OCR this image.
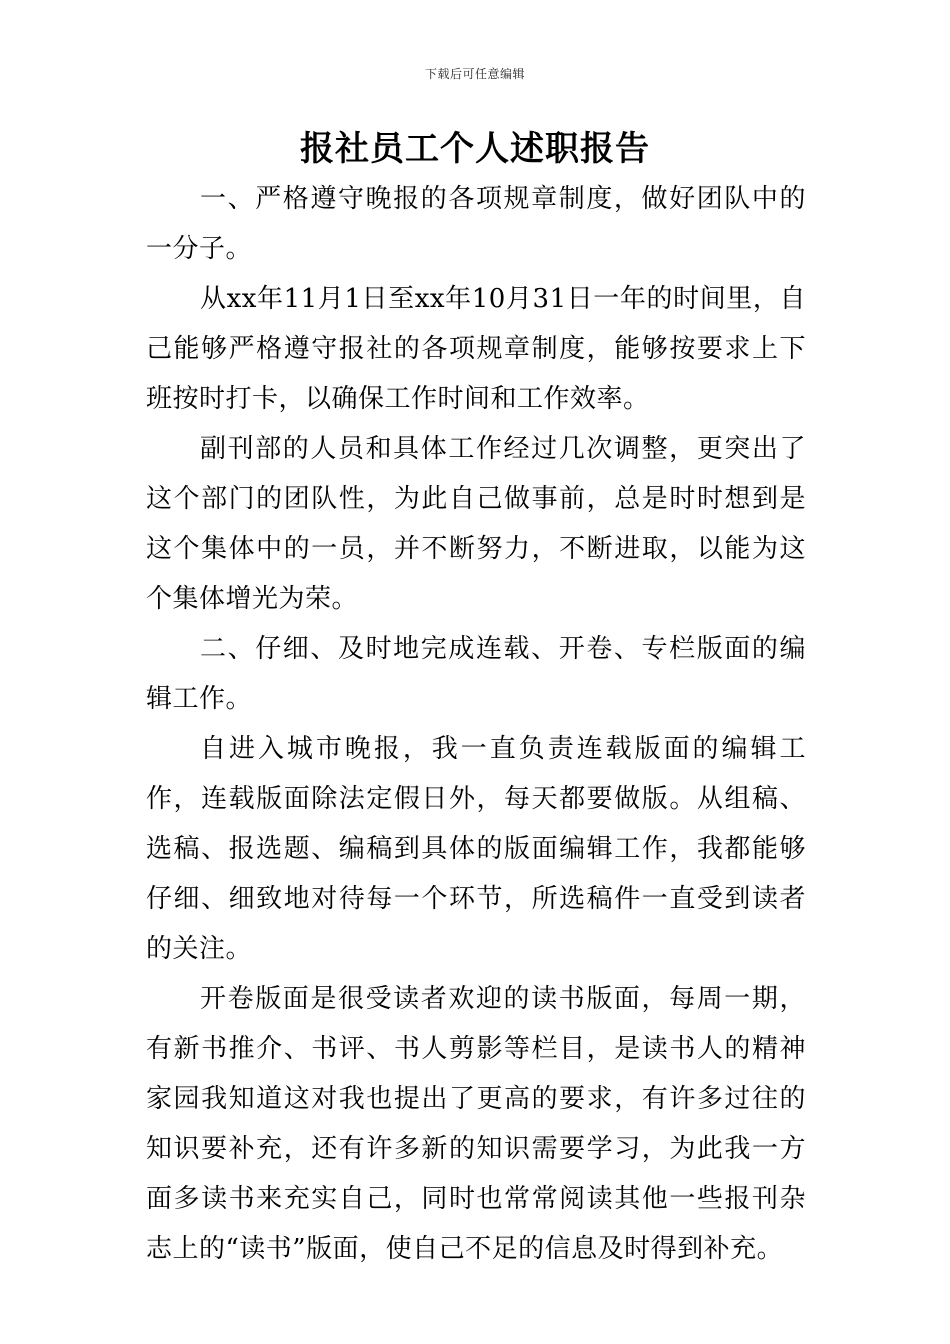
下载后可任意编辑
报社员工个人述职报告

一、严格遵守晚报的各项规章制度，做好团队中的一分子。

从xx年11月1日至xx年10月31日一年的时间里，自己能够严格遵守报社的各项规章制度，能够按要求上下班按时打卡，以确保工作时间和工作效率。

副刊部的人员和具体工作经过几次调整，更突出了这个部门的团队性，为此自己做事前，总是时时想到是这个集体中的一员，并不断努力，不断进取，以能为这个集体增光为荣。

二、仔细、及时地完成连载、开卷、专栏版面的编辑工作。

自进入城市晚报，我一直负责连载版面的编辑工作，连载版面除法定假日外，每天都要做版。从组稿、选稿、报选题、编稿到具体的版面编辑工作，我都能够仔细、细致地对待每一个环节，所选稿件一直受到读者的关注。

开卷版面是很受读者欢迎的读书版面，每周一期，有新书推介、书评、书人剪影等栏目，是读书人的精神家园我知道这对我也提出了更高的要求，有许多过往的知识要补充，还有许多新的知识需要学习，为此我一方面多读书来充实自己，同时也常常阅读其他一些报刊杂志上的“读书”版面，使自己不足的信息及时得到补充。
